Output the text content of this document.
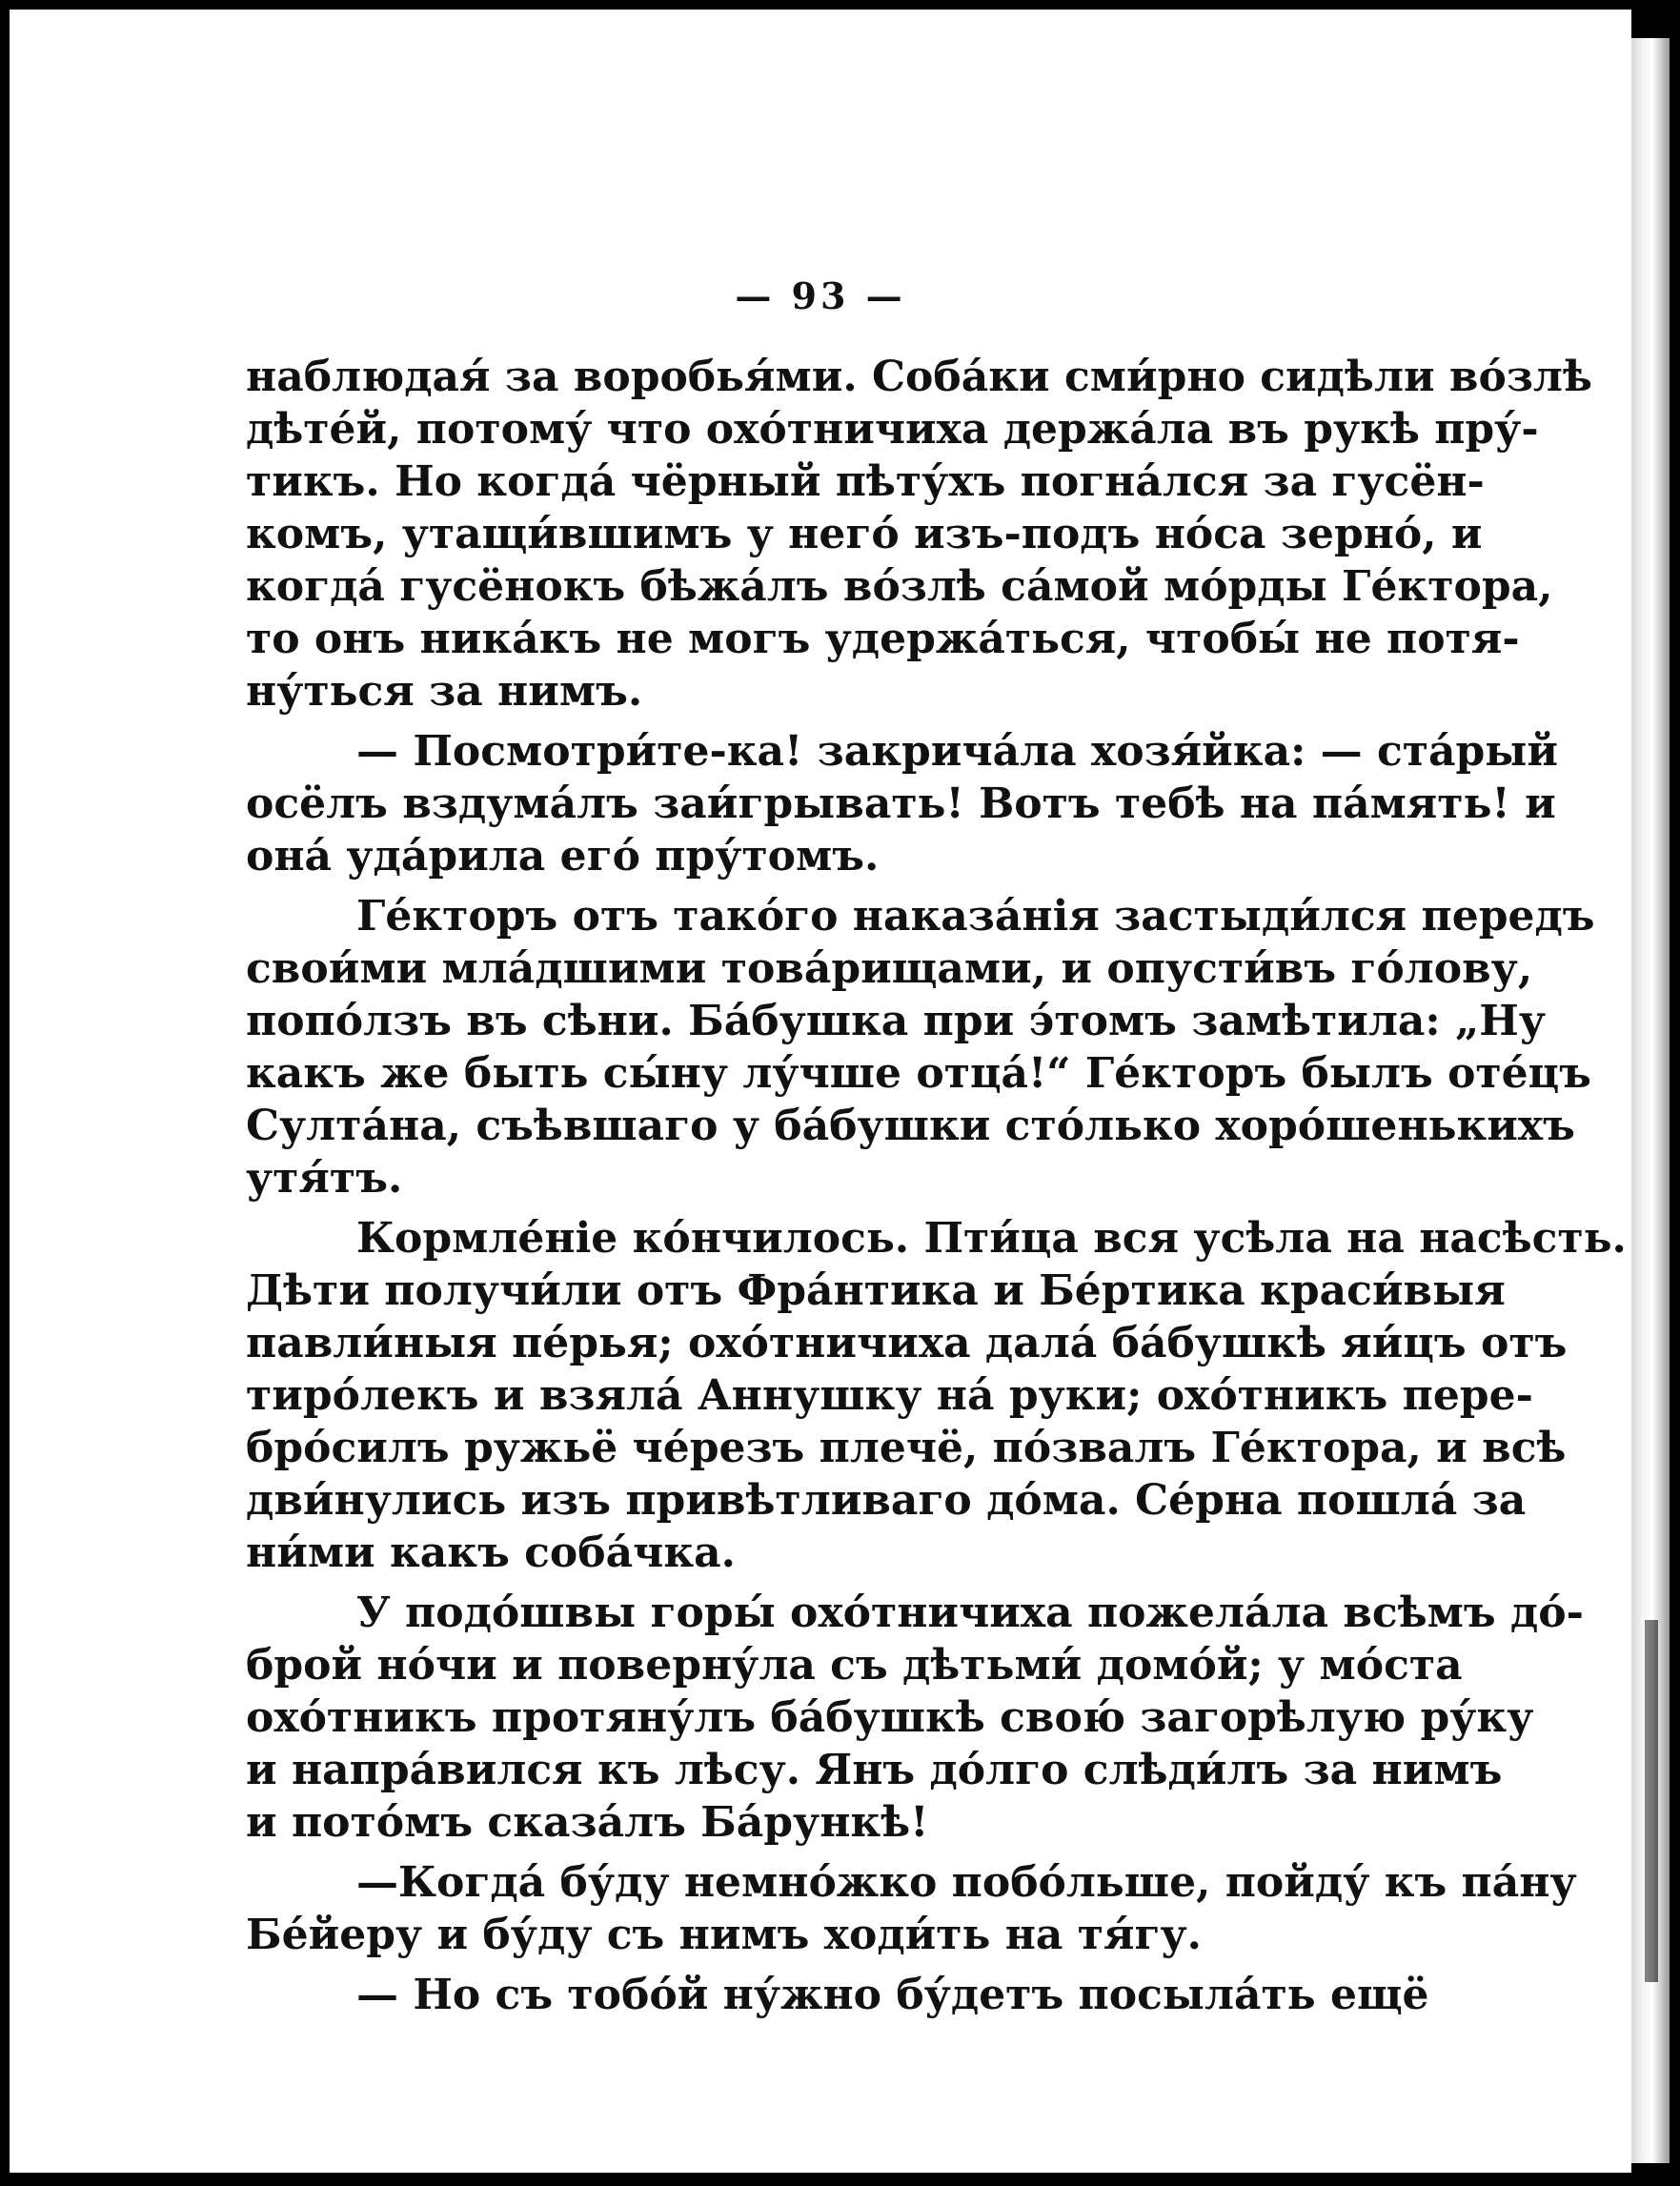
— 93 —
наблюдая́ за воробья́ми. Соба́ки сми́рно сидѣли во́злѣ
дѣте́й, потому́ что охо́тничиха держа́ла въ рукѣ пру́-
тикъ. Но когда́ чёрный пѣту́хъ погна́лся за гусён-
комъ, утащи́вшимъ у него́ изъ-подъ но́са зерно́, и
когда́ гусёнокъ бѣжа́лъ во́злѣ са́мой мо́рды Ге́ктора,
то онъ ника́къ не могъ удержа́ться, чтобы́ не потя-
ну́ться за нимъ.
— Посмотри́те-ка! закрича́ла хозя́йка: — ста́рый
осёлъ вздума́лъ заи́грывать! Вотъ тебѣ на па́мять! и
она́ уда́рила его́ пру́томъ.
Ге́кторъ отъ тако́го наказа́нія застыди́лся передъ
свои́ми мла́дшими това́рищами, и опусти́въ го́лову,
попо́лзъ въ сѣни. Ба́бушка при э́томъ замѣтила: „Ну
какъ же быть сы́ну лу́чше отца́!“ Ге́кторъ былъ оте́цъ
Султа́на, съѣвшаго у ба́бушки сто́лько хоро́шенькихъ
утя́тъ.
Кормле́ніе ко́нчилось. Пти́ца вся усѣла на насѣсть.
Дѣти получи́ли отъ Фра́нтика и Бе́ртика краси́выя
павли́ныя пе́рья; охо́тничиха дала́ ба́бушкѣ яи́цъ отъ
тиро́лекъ и взяла́ Аннушку на́ руки; охо́тникъ пере-
бро́силъ ружьё че́резъ плечё, по́звалъ Ге́ктора, и всѣ
дви́нулись изъ привѣтливаго до́ма. Се́рна пошла́ за
ни́ми какъ соба́чка.
У подо́швы горы́ охо́тничиха пожела́ла всѣмъ до́-
брой но́чи и поверну́ла съ дѣтьми́ домо́й; у мо́ста
охо́тникъ протяну́лъ ба́бушкѣ свою́ загорѣлую ру́ку
и напра́вился къ лѣсу. Янъ до́лго слѣди́лъ за нимъ
и пото́мъ сказа́лъ Ба́рункѣ!
—Когда́ бу́ду немно́жко побо́льше, пойду́ къ па́ну
Бе́йеру и бу́ду съ нимъ ходи́ть на тя́гу.
— Но съ тобо́й ну́жно бу́детъ посыла́ть ещё
